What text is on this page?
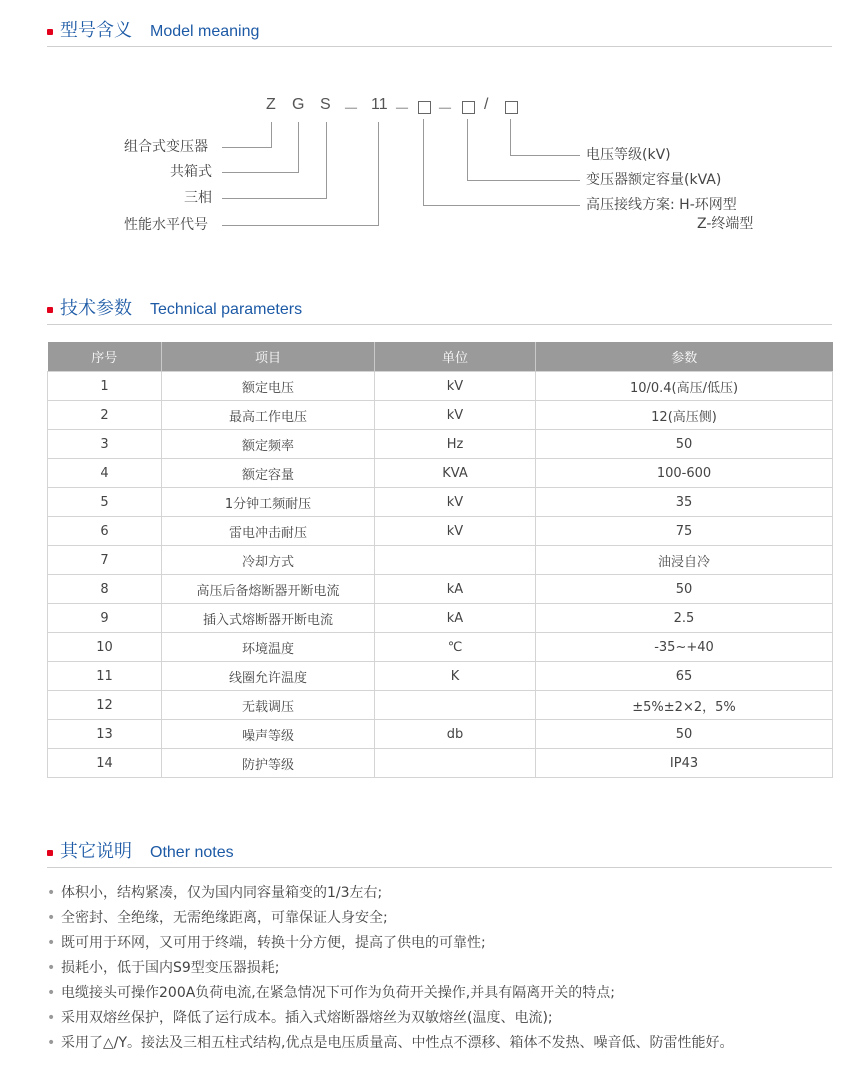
型号含义 Model meaning
Z G S － 11 － － /
组合式变压器
共箱式
三相
性能水平代号
电压等级(kV)
变压器额定容量(kVA)
高压接线方案: H-环网型
Z-终端型
技术参数 Technical parameters
序号	项目	单位	参数
1	额定电压	kV	10/0.4(高压/低压)
2	最高工作电压	kV	12(高压侧)
3	额定频率	Hz	50
4	额定容量	KVA	100-600
5	1分钟工频耐压	kV	35
6	雷电冲击耐压	kV	75
7	冷却方式		油浸自冷
8	高压后备熔断器开断电流	kA	50
9	插入式熔断器开断电流	kA	2.5
10	环境温度	℃	-35~+40
11	线圈允许温度	K	65
12	无载调压		±5%±2×2，5%
13	噪声等级	db	50
14	防护等级		IP43
其它说明 Other notes
• 体积小，结构紧凑，仅为国内同容量箱变的1/3左右;
• 全密封、全绝缘，无需绝缘距离，可靠保证人身安全;
• 既可用于环网，又可用于终端，转换十分方便，提高了供电的可靠性;
• 损耗小，低于国内S9型变压器损耗;
• 电缆接头可操作200A负荷电流,在紧急情况下可作为负荷开关操作,并具有隔离开关的特点;
• 采用双熔丝保护，降低了运行成本。插入式熔断器熔丝为双敏熔丝(温度、电流);
• 采用了△/Y。接法及三相五柱式结构,优点是电压质量高、中性点不漂移、箱体不发热、噪音低、防雷性能好。
